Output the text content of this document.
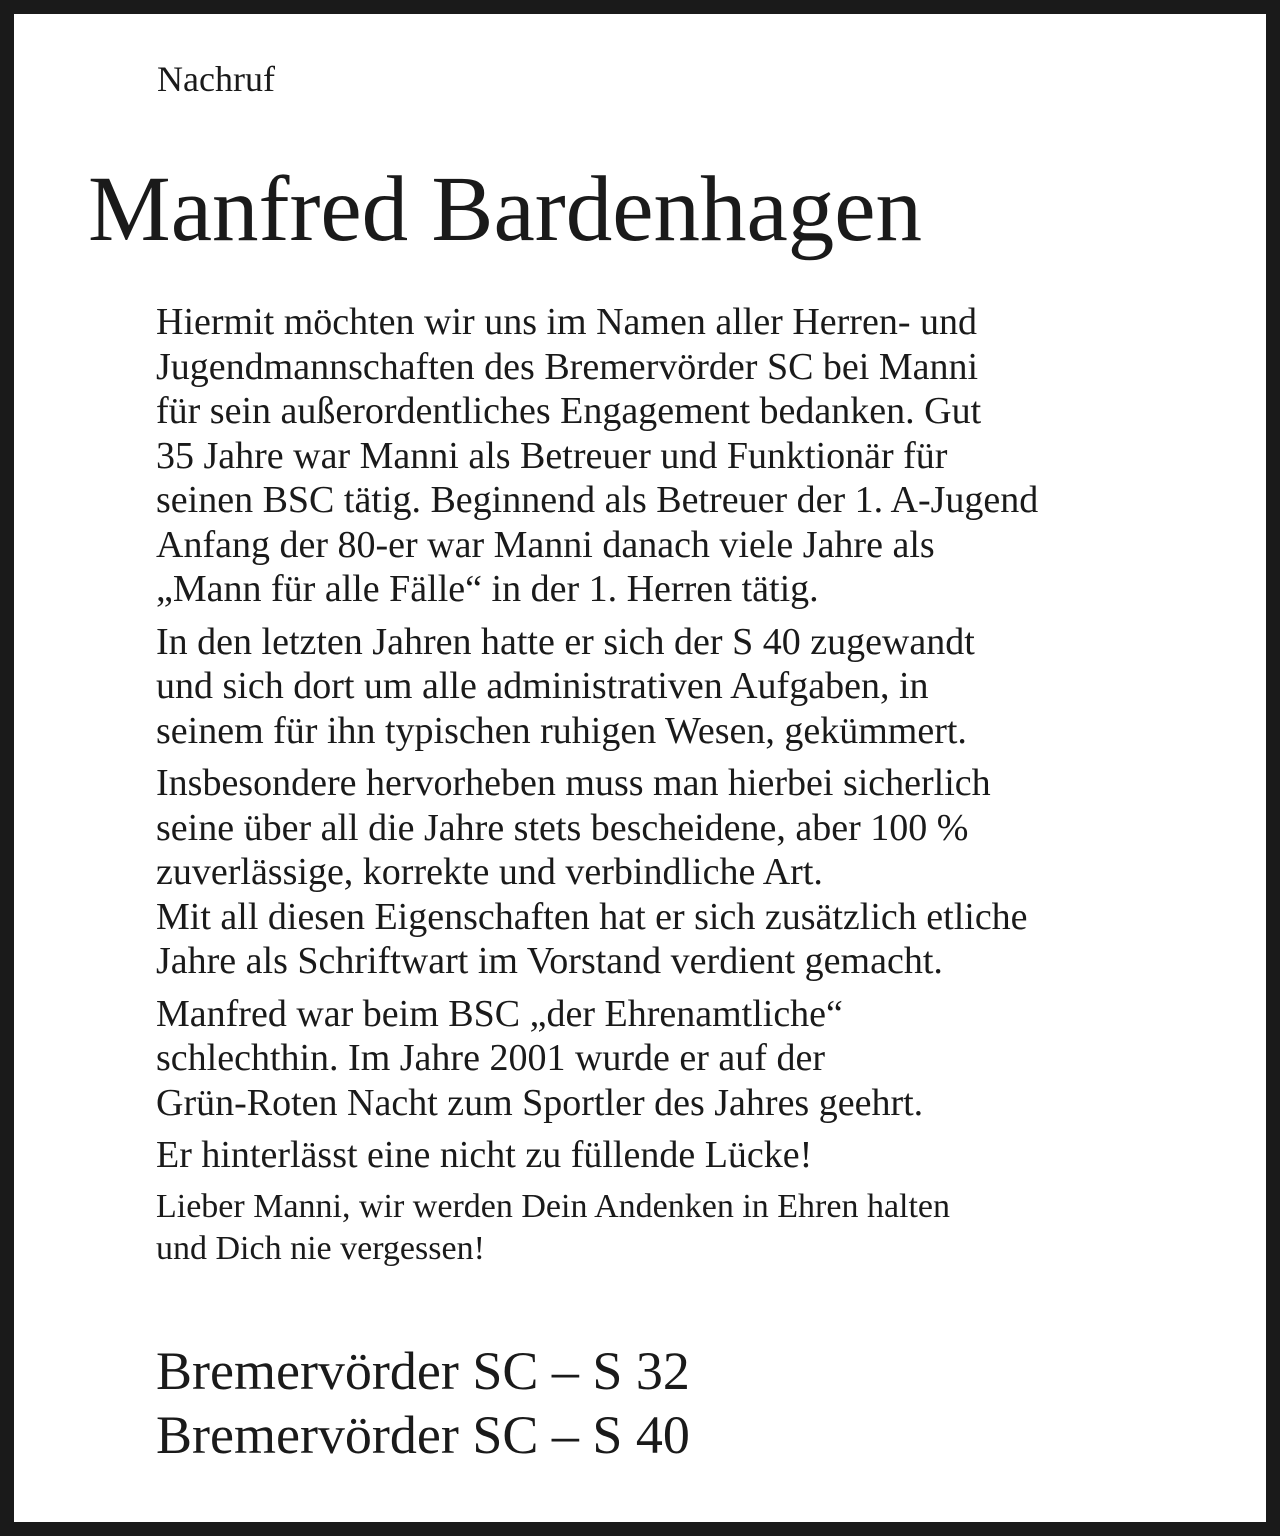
Nachruf
Manfred Bardenhagen

Hiermit möchten wir uns im Namen aller Herren- und
Jugendmannschaften des Bremervörder SC bei Manni
für sein außerordentliches Engagement bedanken. Gut
35 Jahre war Manni als Betreuer und Funktionär für
seinen BSC tätig. Beginnend als Betreuer der 1. A-Jugend
Anfang der 80-er war Manni danach viele Jahre als
„Mann für alle Fälle“ in der 1. Herren tätig.

In den letzten Jahren hatte er sich der S 40 zugewandt
und sich dort um alle administrativen Aufgaben, in
seinem für ihn typischen ruhigen Wesen, gekümmert.

Insbesondere hervorheben muss man hierbei sicherlich
seine über all die Jahre stets bescheidene, aber 100 %
zuverlässige, korrekte und verbindliche Art.

Mit all diesen Eigenschaften hat er sich zusätzlich etliche
Jahre als Schriftwart im Vorstand verdient gemacht.

Manfred war beim BSC „der Ehrenamtliche“
schlechthin. Im Jahre 2001 wurde er auf der
Grün-Roten Nacht zum Sportler des Jahres geehrt.

Er hinterlässt eine nicht zu füllende Lücke!

Lieber Manni, wir werden Dein Andenken in Ehren halten
und Dich nie vergessen!

Bremervörder SC – S 32
Bremervörder SC – S 40
